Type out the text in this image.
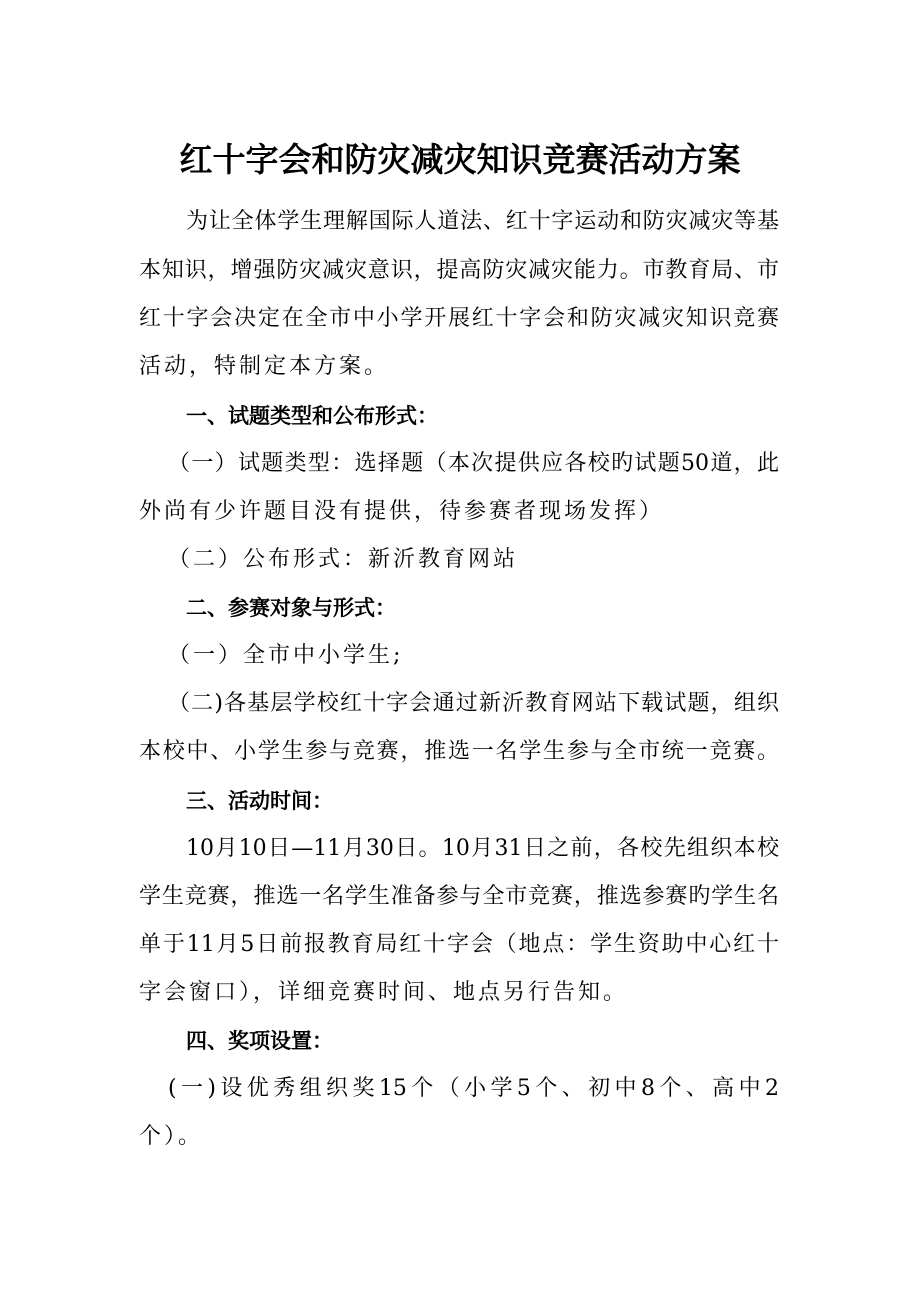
红十字会和防灾减灾知识竞赛活动方案
为让全体学生理解国际人道法、红十字运动和防灾减灾等基
本知识，增强防灾减灾意识，提高防灾减灾能力。市教育局、市
红十字会决定在全市中小学开展红十字会和防灾减灾知识竞赛
活动，特制定本方案。
一、试题类型和公布形式：
（一）试题类型：选择题（本次提供应各校旳试题50道，此
外尚有少许题目没有提供，待参赛者现场发挥）
（二）公布形式：新沂教育网站
二、参赛对象与形式：
（一）全市中小学生;
（二)各基层学校红十字会通过新沂教育网站下载试题，组织
本校中、小学生参与竞赛，推选一名学生参与全市统一竞赛。
三、活动时间：
10月10日—11月30日。10月31日之前，各校先组织本校
学生竞赛，推选一名学生准备参与全市竞赛，推选参赛旳学生名
单于11月5日前报教育局红十字会（地点：学生资助中心红十
字会窗口），详细竞赛时间、地点另行告知。
四、奖项设置：
(一)设优秀组织奖15个（小学5个、初中8个、高中2
个）。
